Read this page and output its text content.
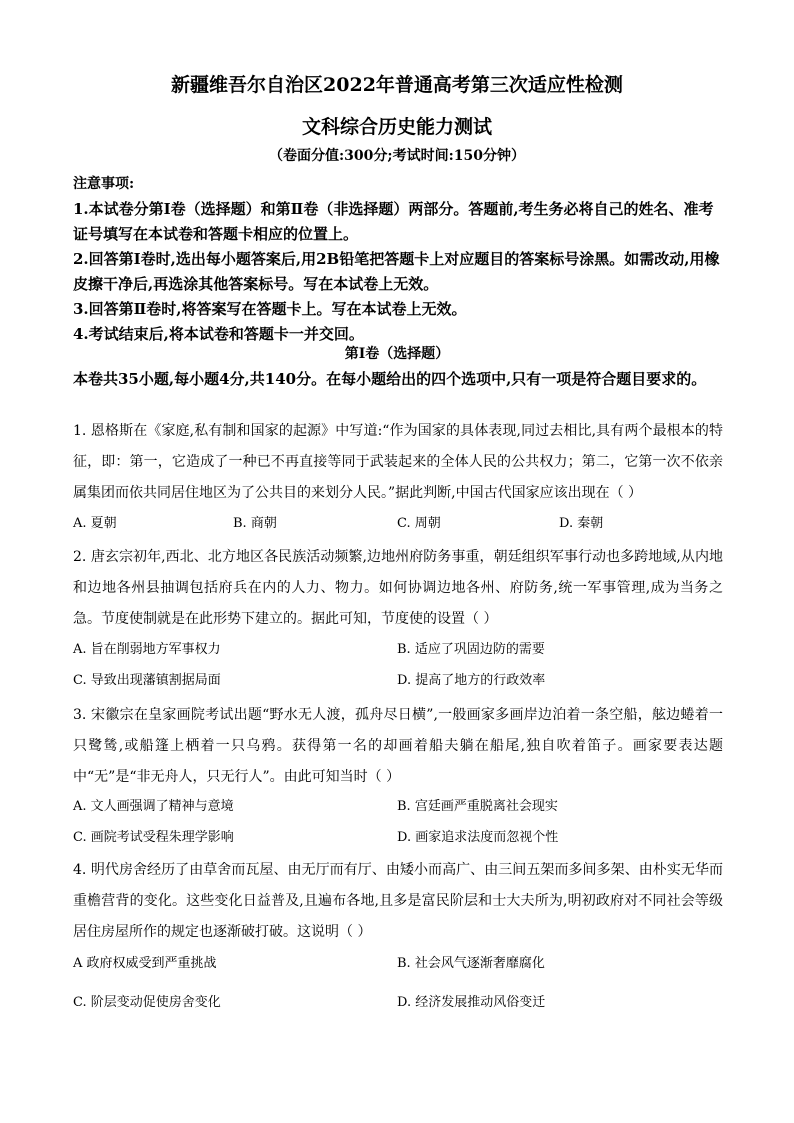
新疆维吾尔自治区2022年普通高考第三次适应性检测
文科综合历史能力测试
（卷面分值:300分;考试时间:150分钟）

注意事项:

1.本试卷分第Ⅰ卷（选择题）和第Ⅱ卷（非选择题）两部分。答题前,考生务必将自己的姓名、准考证号填写在本试卷和答题卡相应的位置上。

2.回答第Ⅰ卷时,选出每小题答案后,用2B铅笔把答题卡上对应题目的答案标号涂黑。如需改动,用橡皮擦干净后,再选涂其他答案标号。写在本试卷上无效。

3.回答第Ⅱ卷时,将答案写在答题卡上。写在本试卷上无效。

4.考试结束后,将本试卷和答题卡一并交回。

第Ⅰ卷（选择题）
本卷共35小题,每小题4分,共140分。在每小题给出的四个选项中,只有一项是符合题目要求的。

1. 恩格斯在《家庭,私有制和国家的起源》中写道:“作为国家的具体表现,同过去相比,具有两个最根本的特征，即：第一，它造成了一种已不再直接等同于武装起来的全体人民的公共权力；第二，它第一次不依亲属集团而依共同居住地区为了公共目的来划分人民。”据此判断,中国古代国家应该出现在（ ）

A. 夏朝	B. 商朝	C. 周朝	D. 秦朝

2. 唐玄宗初年,西北、北方地区各民族活动频繁,边地州府防务事重，朝廷组织军事行动也多跨地域,从内地和边地各州县抽调包括府兵在内的人力、物力。如何协调边地各州、府防务,统一军事管理,成为当务之急。节度使制就是在此形势下建立的。据此可知，节度使的设置（ ）

A. 旨在削弱地方军事权力	B. 适应了巩固边防的需要
C. 导致出现藩镇割据局面	D. 提高了地方的行政效率

3. 宋徽宗在皇家画院考试出题“野水无人渡，孤舟尽日横”,一般画家多画岸边泊着一条空船，舷边蜷着一只鹭鸶,或船篷上栖着一只乌鸦。获得第一名的却画着船夫躺在船尾,独自吹着笛子。画家要表达题中“无”是“非无舟人，只无行人”。由此可知当时（ ）

A. 文人画强调了精神与意境	B. 宫廷画严重脱离社会现实
C. 画院考试受程朱理学影响	D. 画家追求法度而忽视个性

4. 明代房舍经历了由草舍而瓦屋、由无厅而有厅、由矮小而高广、由三间五架而多间多架、由朴实无华而重檐营背的变化。这些变化日益普及,且遍布各地,且多是富民阶层和士大夫所为,明初政府对不同社会等级居住房屋所作的规定也逐渐破打破。这说明（ ）

A 政府权威受到严重挑战	B. 社会风气逐渐奢靡腐化
C. 阶层变动促使房舍变化	D. 经济发展推动风俗变迁
